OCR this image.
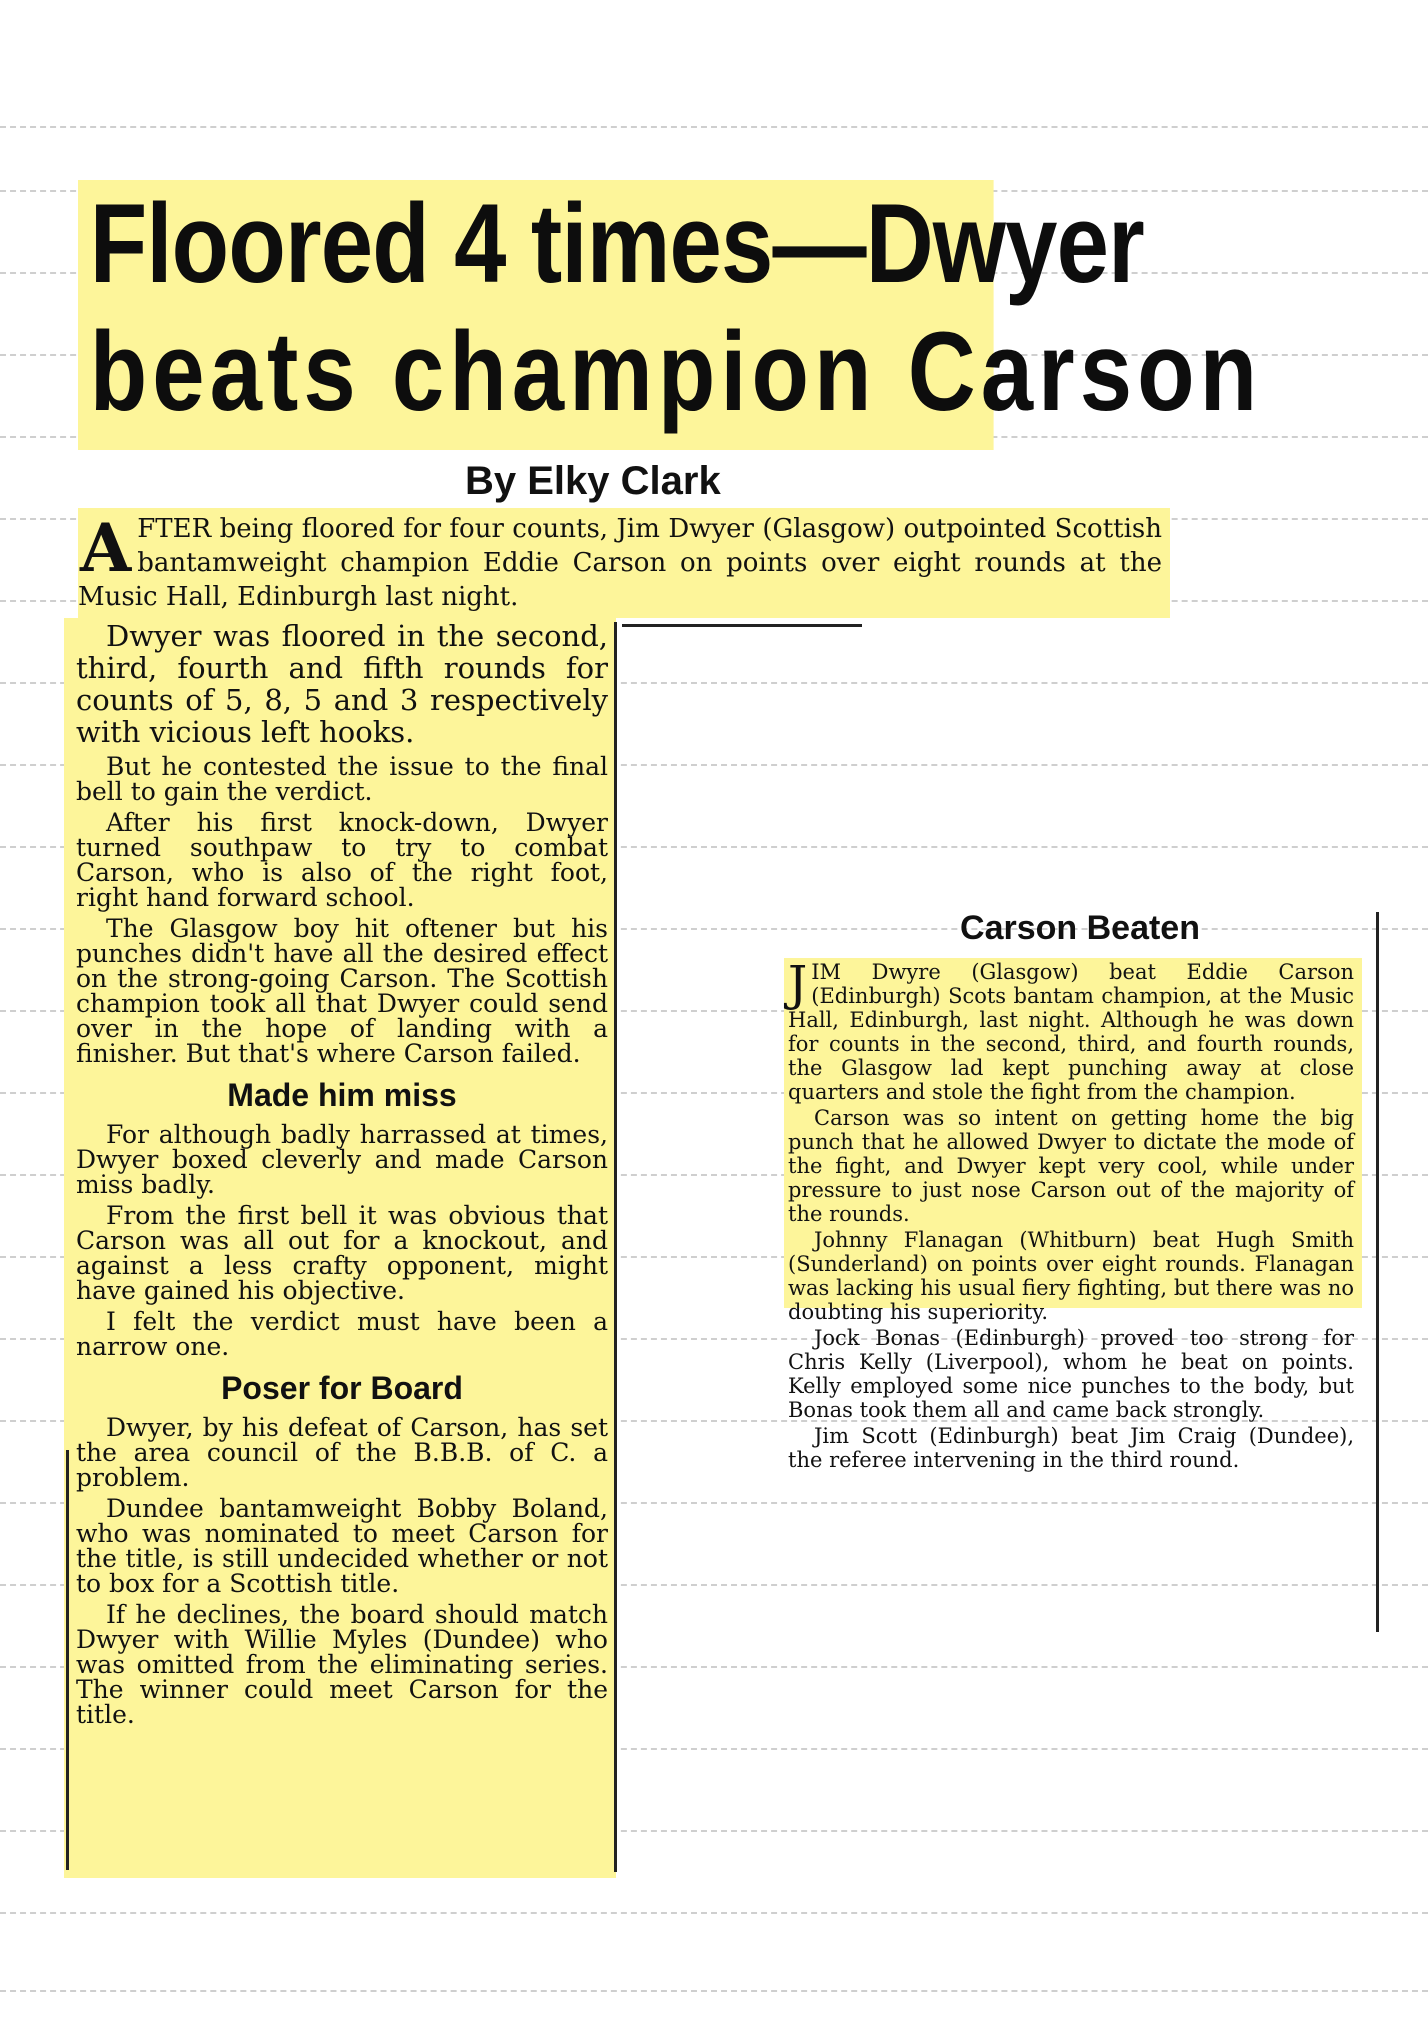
Floored 4 times—Dwyer
beats champion Carson
By Elky Clark
A FTER being floored for four counts, Jim Dwyer (Glasgow) outpointed Scottish bantamweight champion Eddie Carson on points over eight rounds at the Music Hall, Edinburgh last night.

Dwyer was floored in the second, third, fourth and fifth rounds for counts of 5, 8, 5 and 3 respectively with vicious left hooks.

But he contested the issue to the final bell to gain the verdict.

After his first knock-down, Dwyer turned southpaw to try to combat Carson, who is also of the right foot, right hand forward school.

The Glasgow boy hit oftener but his punches didn't have all the desired effect on the strong-going Carson. The Scottish champion took all that Dwyer could send over in the hope of landing with a finisher. But that's where Carson failed.

Made him miss

For although badly harrassed at times, Dwyer boxed cleverly and made Carson miss badly.

From the first bell it was obvious that Carson was all out for a knockout, and against a less crafty opponent, might have gained his objective.

I felt the verdict must have been a narrow one.

Poser for Board

Dwyer, by his defeat of Carson, has set the area council of the B.B.B. of C. a problem.

Dundee bantamweight Bobby Boland, who was nominated to meet Carson for the title, is still undecided whether or not to box for a Scottish title.

If he declines, the board should match Dwyer with Willie Myles (Dundee) who was omitted from the eliminating series. The winner could meet Carson for the title.

Carson Beaten

J IM Dwyre (Glasgow) beat Eddie Carson (Edinburgh) Scots bantam champion, at the Music Hall, Edinburgh, last night. Although he was down for counts in the second, third, and fourth rounds, the Glasgow lad kept punching away at close quarters and stole the fight from the champion.

Carson was so intent on getting home the big punch that he allowed Dwyer to dictate the mode of the fight, and Dwyer kept very cool, while under pressure to just nose Carson out of the majority of the rounds.

Johnny Flanagan (Whitburn) beat Hugh Smith (Sunderland) on points over eight rounds. Flanagan was lacking his usual fiery fighting, but there was no doubting his superiority.

Jock Bonas (Edinburgh) proved too strong for Chris Kelly (Liverpool), whom he beat on points. Kelly employed some nice punches to the body, but Bonas took them all and came back strongly.

Jim Scott (Edinburgh) beat Jim Craig (Dundee), the referee intervening in the third round.
